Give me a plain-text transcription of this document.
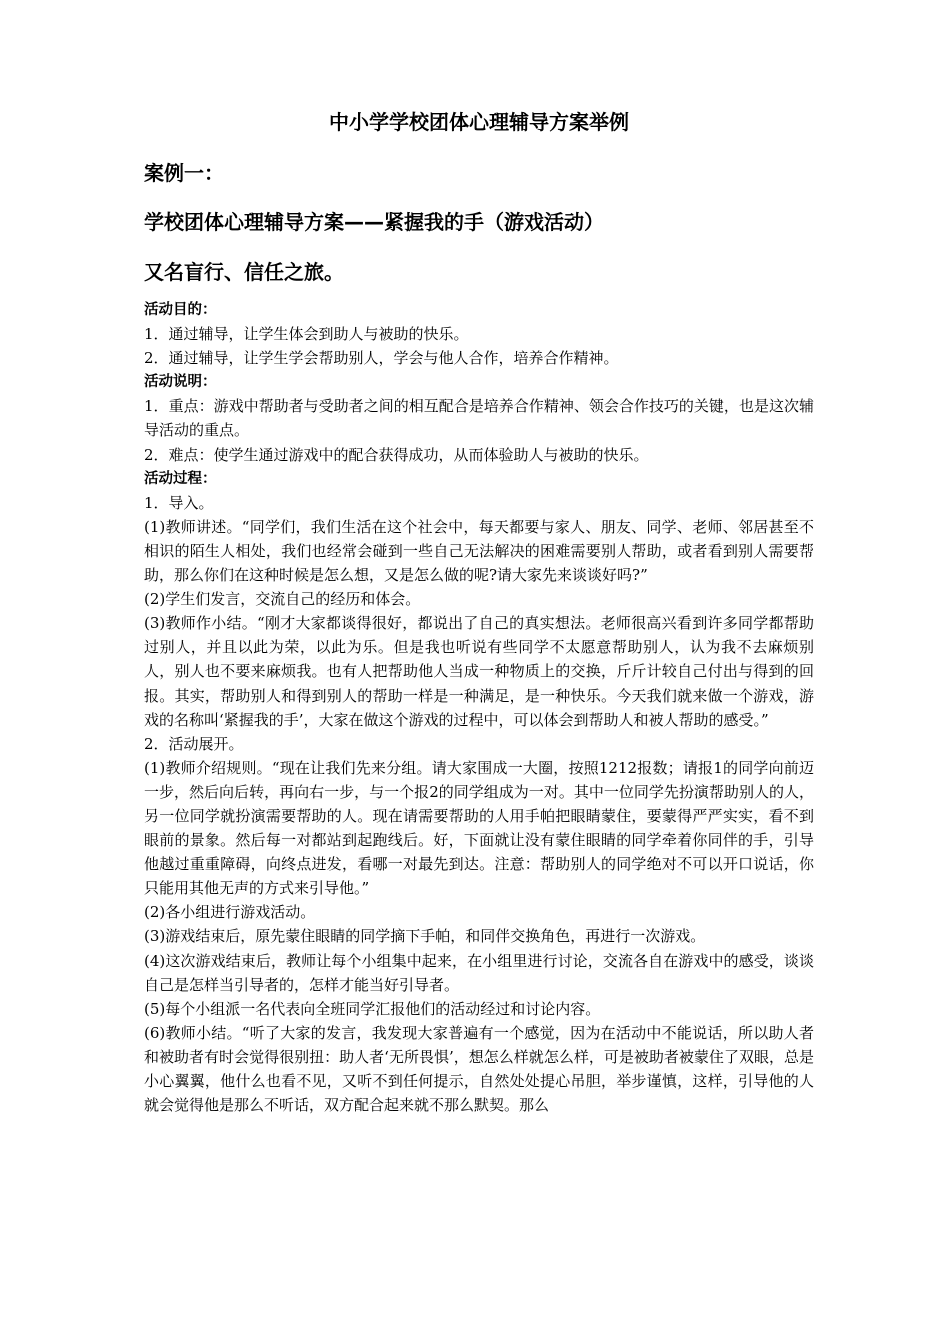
中小学学校团体心理辅导方案举例
案例一：
学校团体心理辅导方案——紧握我的手（游戏活动）
又名盲行、信任之旅。

活动目的：

1．通过辅导，让学生体会到助人与被助的快乐。

2．通过辅导，让学生学会帮助别人，学会与他人合作，培养合作精神。

活动说明：

1．重点：游戏中帮助者与受助者之间的相互配合是培养合作精神、领会合作技巧的关键，也是这次辅导活动的重点。

2．难点：使学生通过游戏中的配合获得成功，从而体验助人与被助的快乐。

活动过程：

1．导入。

(1)教师讲述。“同学们，我们生活在这个社会中，每天都要与家人、朋友、同学、老师、邻居甚至不相识的陌生人相处，我们也经常会碰到一些自己无法解决的困难需要别人帮助，或者看到别人需要帮助，那么你们在这种时候是怎么想，又是怎么做的呢?请大家先来谈谈好吗?”

(2)学生们发言，交流自己的经历和体会。

(3)教师作小结。“刚才大家都谈得很好，都说出了自己的真实想法。老师很高兴看到许多同学都帮助过别人，并且以此为荣，以此为乐。但是我也听说有些同学不太愿意帮助别人，认为我不去麻烦别人，别人也不要来麻烦我。也有人把帮助他人当成一种物质上的交换，斤斤计较自己付出与得到的回报。其实，帮助别人和得到别人的帮助一样是一种满足，是一种快乐。今天我们就来做一个游戏，游戏的名称叫‘紧握我的手’，大家在做这个游戏的过程中，可以体会到帮助人和被人帮助的感受。”

2．活动展开。

(1)教师介绍规则。“现在让我们先来分组。请大家围成一大圈，按照1212报数；请报1的同学向前迈一步，然后向后转，再向右一步，与一个报2的同学组成为一对。其中一位同学先扮演帮助别人的人，另一位同学就扮演需要帮助的人。现在请需要帮助的人用手帕把眼睛蒙住，要蒙得严严实实，看不到眼前的景象。然后每一对都站到起跑线后。好，下面就让没有蒙住眼睛的同学牵着你同伴的手，引导他越过重重障碍，向终点进发，看哪一对最先到达。注意：帮助别人的同学绝对不可以开口说话，你只能用其他无声的方式来引导他。”

(2)各小组进行游戏活动。

(3)游戏结束后，原先蒙住眼睛的同学摘下手帕，和同伴交换角色，再进行一次游戏。

(4)这次游戏结束后，教师让每个小组集中起来，在小组里进行讨论，交流各自在游戏中的感受，谈谈自己是怎样当引导者的，怎样才能当好引导者。

(5)每个小组派一名代表向全班同学汇报他们的活动经过和讨论内容。

(6)教师小结。“听了大家的发言，我发现大家普遍有一个感觉，因为在活动中不能说话，所以助人者和被助者有时会觉得很别扭：助人者‘无所畏惧’，想怎么样就怎么样，可是被助者被蒙住了双眼，总是小心翼翼，他什么也看不见，又听不到任何提示，自然处处提心吊胆，举步谨慎，这样，引导他的人就会觉得他是那么不听话，双方配合起来就不那么默契。那么
